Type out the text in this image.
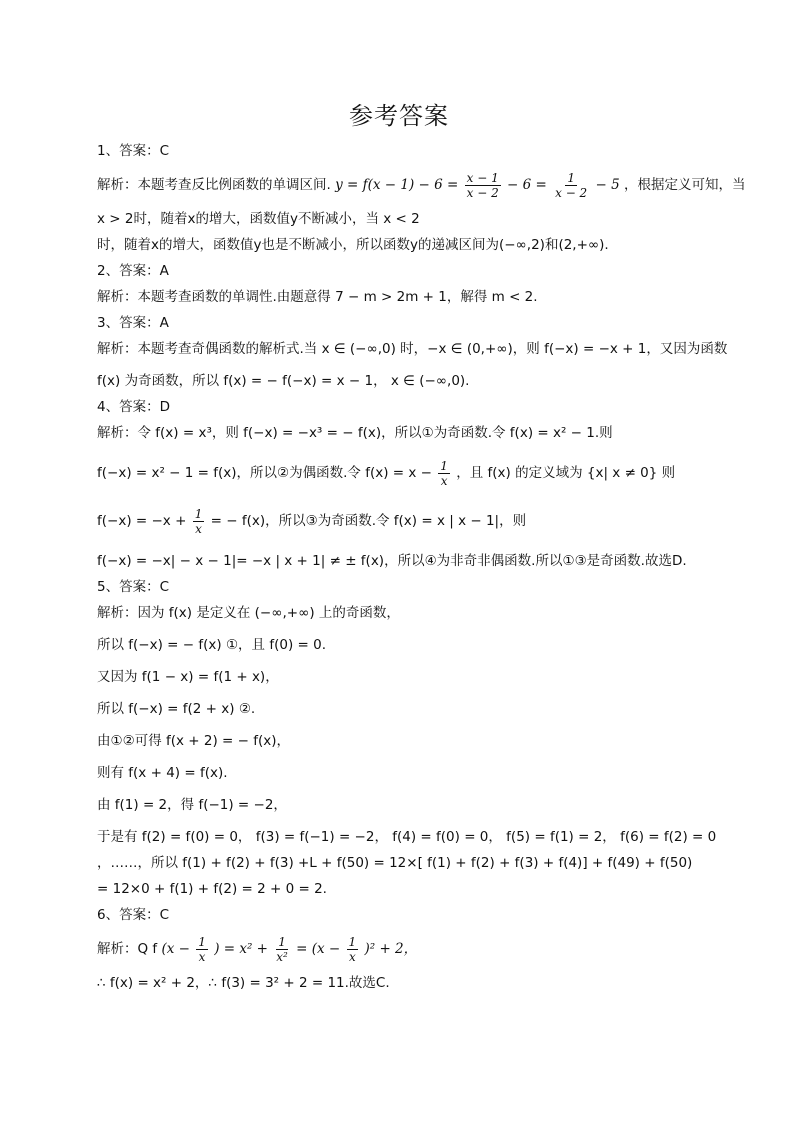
参考答案
1、答案：C
解析：本题考查反比例函数的单调区间. $y = f(x - 1) - 6 = \frac{x - 1}{x - 2} - 6 = \frac{1}{x - 2} - 5$ ，根据定义可知，当
x > 2时，随着x的增大，函数值y不断减小，当 x < 2
时，随着x的增大，函数值y也是不断减小，所以函数y的递减区间为(−∞,2)和(2,+∞).
2、答案：A
解析：本题考查函数的单调性.由题意得 7 − m > 2m + 1，解得 m < 2.
3、答案：A
解析：本题考查奇偶函数的解析式.当 x ∈ (−∞,0) 时，−x ∈ (0,+∞)，则 f(−x) = −x + 1，又因为函数
f(x) 为奇函数，所以 f(x) = − f(−x) = x − 1， x ∈ (−∞,0).
4、答案：D
解析：令 f(x) = x³，则 f(−x) = −x³ = − f(x)，所以①为奇函数.令 f(x) = x² − 1.则
f(−x) = x² − 1 = f(x)，所以②为偶函数.令 $f(x) = x - \frac{1}{x}$ ，且 f(x) 的定义域为 {x| x ≠ 0} 则
$f(-x) = -x + \frac{1}{x}$ = − f(x)，所以③为奇函数.令 f(x) = x | x − 1|，则
f(−x) = −x| − x − 1|= −x | x + 1| ≠ ± f(x)，所以④为非奇非偶函数.所以①③是奇函数.故选D.
5、答案：C
解析：因为 f(x) 是定义在 (−∞,+∞) 上的奇函数，
所以 f(−x) = − f(x) ①，且 f(0) = 0.
又因为 f(1 − x) = f(1 + x)，
所以 f(−x) = f(2 + x) ②.
由①②可得 f(x + 2) = − f(x)，
则有 f(x + 4) = f(x).
由 f(1) = 2，得 f(−1) = −2，
于是有 f(2) = f(0) = 0， f(3) = f(−1) = −2， f(4) = f(0) = 0， f(5) = f(1) = 2， f(6) = f(2) = 0
，……，所以 f(1) + f(2) + f(3) +L + f(50) = 12×[ f(1) + f(2) + f(3) + f(4)] + f(49) + f(50)
= 12×0 + f(1) + f(2) = 2 + 0 = 2.
6、答案：C
解析：Q f ($x - \frac{1}{x}$ ) = $x^2 + \frac{1}{\text{x²}} = (x - \frac{1}{x} )^2 + 2$，
∴ f(x) = x² + 2，∴ f(3) = 3² + 2 = 11.故选C.
